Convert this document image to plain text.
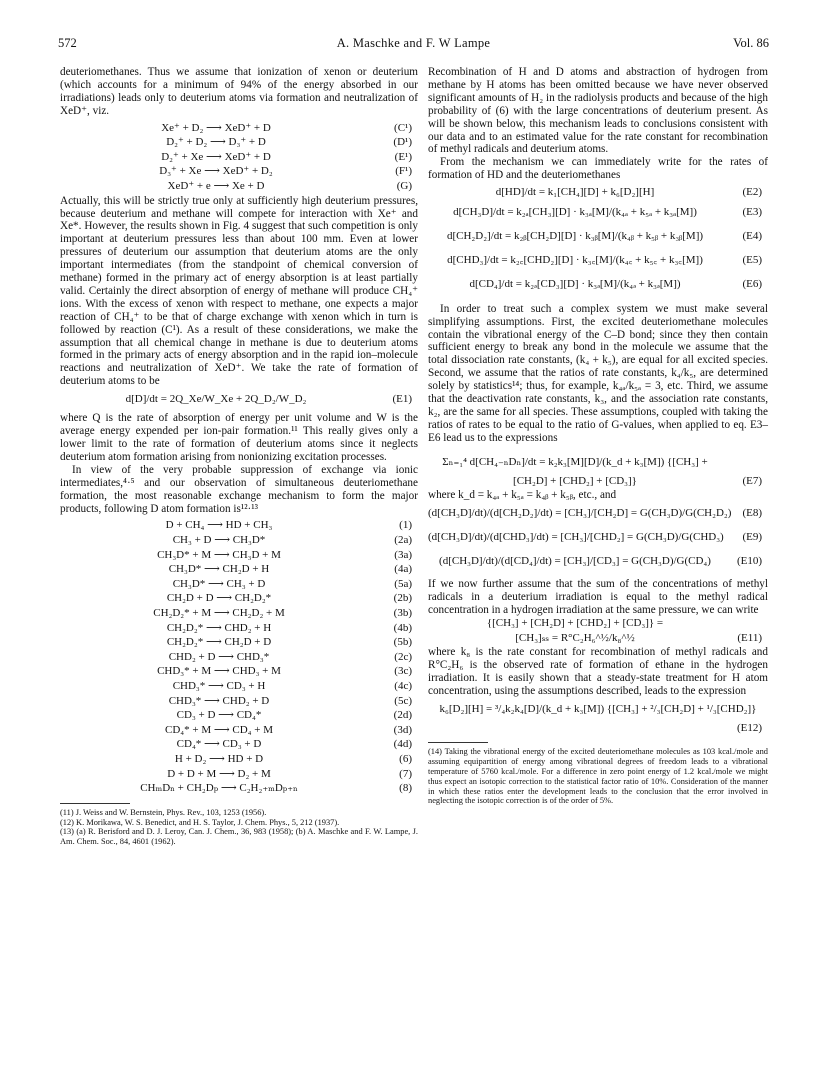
572	A. Maschke and F. W Lampe	Vol. 86

deuteriomethanes. Thus we assume that ionization of xenon or deuterium (which accounts for a minimum of 94% of the energy absorbed in our irradiations) leads only to deuterium atoms via formation and neutralization of XeD⁺, viz.

Xe⁺ + D₂ ⟶ XeD⁺ + D	(C¹)
D₂⁺ + D₂ ⟶ D₃⁺ + D	(D¹)
D₂⁺ + Xe ⟶ XeD⁺ + D	(E¹)
D₃⁺ + Xe ⟶ XeD⁺ + D₂	(F¹)
XeD⁺ + e ⟶ Xe + D	(G)

Actually, this will be strictly true only at sufficiently high deuterium pressures, because deuterium and methane will compete for interaction with Xe⁺ and Xe*. However, the results shown in Fig. 4 suggest that such competition is only important at deuterium pressures less than about 100 mm. Even at lower pressures of deuterium our assumption that deuterium atoms are the only important intermediates (from the standpoint of chemical conversion of methane) formed in the primary act of energy absorption is at least partially valid. Certainly the direct absorption of energy of methane will produce CH₄⁺ ions. With the excess of xenon with respect to methane, one expects a major reaction of CH₄⁺ to be that of charge exchange with xenon which in turn is followed by reaction (C¹). As a result of these considerations, we make the assumption that all chemical change in methane is due to deuterium atoms formed in the primary acts of energy absorption and in the rapid ion–molecule reactions and neutralization of XeD⁺. We take the rate of formation of deuterium atoms to be

d[D]/dt = 2Q_Xe/W_Xe + 2Q_D₂/W_D₂	(E1)

where Q is the rate of absorption of energy per unit volume and W is the average energy expended per ion-pair formation.¹¹ This really gives only a lower limit to the rate of formation of deuterium atoms since it neglects deuterium atom formation arising from nonionizing excitation processes.

In view of the very probable suppression of exchange via ionic intermediates,⁴·⁵ and our observation of simultaneous deuteriomethane formation, the most reasonable exchange mechanism to form the major products, following D atom formation is¹²·¹³

D + CH₄ ⟶ HD + CH₃	(1)
CH₃ + D ⟶ CH₃D*	(2a)
CH₃D* + M ⟶ CH₃D + M	(3a)
CH₃D* ⟶ CH₂D + H	(4a)
CH₃D* ⟶ CH₃ + D	(5a)
CH₂D + D ⟶ CH₂D₂*	(2b)
CH₂D₂* + M ⟶ CH₂D₂ + M	(3b)
CH₂D₂* ⟶ CHD₂ + H	(4b)
CH₂D₂* ⟶ CH₂D + D	(5b)
CHD₂ + D ⟶ CHD₃*	(2c)
CHD₃* + M ⟶ CHD₃ + M	(3c)
CHD₃* ⟶ CD₃ + H	(4c)
CHD₃* ⟶ CHD₂ + D	(5c)
CD₃ + D ⟶ CD₄*	(2d)
CD₄* + M ⟶ CD₄ + M	(3d)
CD₄* ⟶ CD₃ + D	(4d)
H + D₂ ⟶ HD + D	(6)
D + D + M ⟶ D₂ + M	(7)
CHₘDₙ + CH₂Dₚ ⟶ C₂H₂₊ₘDₚ₊ₙ	(8)

(11) J. Weiss and W. Bernstein, Phys. Rev., 103, 1253 (1956).

(12) K. Morikawa, W. S. Benedict, and H. S. Taylor, J. Chem. Phys., 5, 212 (1937).

(13) (a) R. Berisford and D. J. Leroy, Can. J. Chem., 36, 983 (1958); (b) A. Maschke and F. W. Lampe, J. Am. Chem. Soc., 84, 4601 (1962).

Recombination of H and D atoms and abstraction of hydrogen from methane by H atoms has been omitted because we have never observed significant amounts of H₂ in the radiolysis products and because of the high probability of (6) with the large concentrations of deuterium present. As will be shown below, this mechanism leads to conclusions consistent with our data and to an estimated value for the rate constant for recombination of methyl radicals and deuterium atoms.

From the mechanism we can immediately write for the rates of formation of HD and the deuteriomethanes

d[HD]/dt = k₁[CH₄][D] + k₆[D₂][H]	(E2)
d[CH₃D]/dt = k₂ₐ[CH₃][D] · k₃ₐ[M]/(k₄ₐ + k₅ₐ + k₃ₐ[M])	(E3)
d[CH₂D₂]/dt = k₂ᵦ[CH₂D][D] · k₃ᵦ[M]/(k₄ᵦ + k₅ᵦ + k₃ᵦ[M])	(E4)
d[CHD₃]/dt = k₂꜀[CHD₂][D] · k₃꜀[M]/(k₄꜀ + k₅꜀ + k₃꜀[M])	(E5)
d[CD₄]/dt = k₂ₔ[CD₃][D] · k₃ₔ[M]/(k₄ₔ + k₃ₔ[M])	(E6)

In order to treat such a complex system we must make several simplifying assumptions. First, the excited deuteriomethane molecules contain the vibrational energy of the C–D bond; since they then contain sufficient energy to break any bond in the molecule we assume that the total dissociation rate constants, (k₄ + k₅), are equal for all excited species. Second, we assume that the ratios of rate constants, k₄/k₅, are determined solely by statistics¹⁴; thus, for example, k₄ₐ/k₅ₐ = 3, etc. Third, we assume that the deactivation rate constants, k₃, and the association rate constants, k₂, are the same for all species. These assumptions, coupled with taking the ratios of rates to be equal to the ratio of G-values, when applied to eq. E3–E6 lead us to the expressions

Σₙ₌₁⁴ d[CH₄₋ₙDₙ]/dt = k₂k₃[M][D]/(k_d + k₃[M]) {[CH₃] +
[CH₂D] + [CHD₂] + [CD₃]}	(E7)

where k_d = k₄ₐ + k₅ₐ = k₄ᵦ + k₅ᵦ, etc., and

(d[CH₃D]/dt)/(d[CH₂D₂]/dt) = [CH₃]/[CH₂D] = G(CH₃D)/G(CH₂D₂) (E8)
(d[CH₃D]/dt)/(d[CHD₃]/dt) = [CH₃]/[CHD₂] = G(CH₃D)/G(CHD₃) (E9)
(d[CH₃D]/dt)/(d[CD₄]/dt) = [CH₃]/[CD₃] = G(CH₃D)/G(CD₄)	(E10)

If we now further assume that the sum of the concentrations of methyl radicals in a deuterium irradiation is equal to the methyl radical concentration in a hydrogen irradiation at the same pressure, we can write

{[CH₃] + [CH₂D] + [CHD₂] + [CD₃]} =
[CH₃]ₛₛ = R°C₂H₆^½/k₈^½	(E11)

where k₈ is the rate constant for recombination of methyl radicals and R°C₂H₆ is the observed rate of formation of ethane in the hydrogen irradiation. It is easily shown that a steady-state treatment for H atom concentration, using the assumptions described, leads to the expression

k₆[D₂][H] = ³/₄k₂k₄[D]/(k_d + k₃[M]) {[CH₃] + ²/₃[CH₂D] + ¹/₃[CHD₂]}
(E12)

(14) Taking the vibrational energy of the excited deuteriomethane molecules as 103 kcal./mole and assuming equipartition of energy among vibrational degrees of freedom leads to a vibrational temperature of 5760 kcal./mole. For a difference in zero point energy of 1.2 kcal./mole we might thus expect an isotopic correction to the statistical factor ratio of 10%. Consideration of the manner in which these ratios enter the development leads to the conclusion that the error involved in neglecting the isotopic correction is of the order of 5%.
